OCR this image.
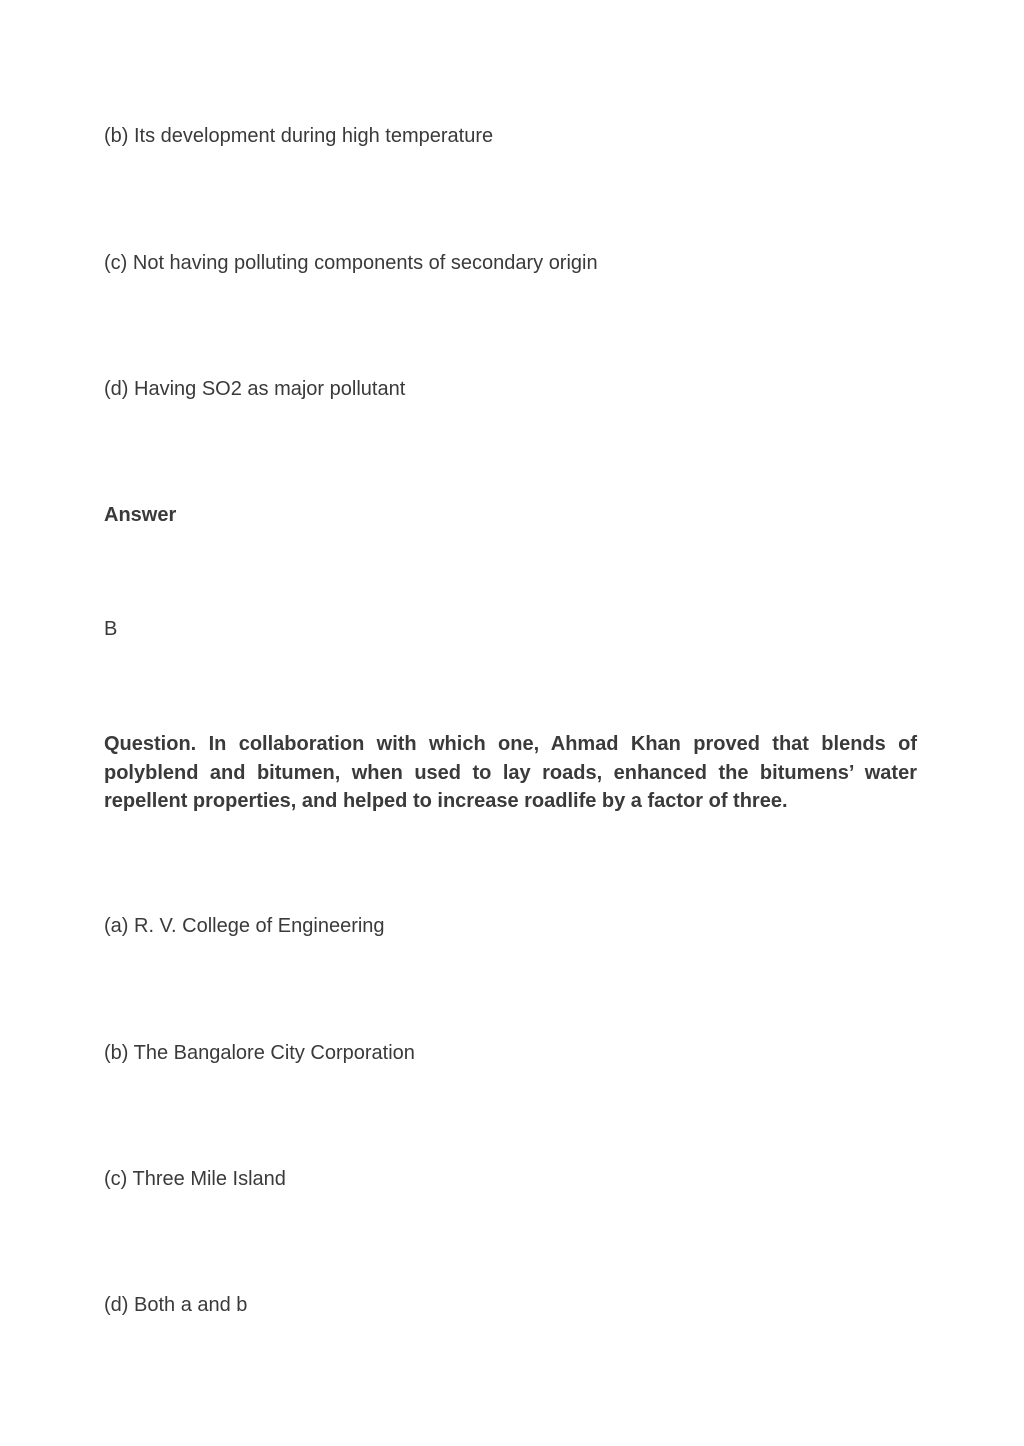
(b) Its development during high temperature
(c) Not having polluting components of secondary origin
(d) Having SO2 as major pollutant
Answer
B
Question. In collaboration with which one, Ahmad Khan proved that blends of polyblend and bitumen, when used to lay roads, enhanced the bitumens’ water repellent properties, and helped to increase roadlife by a factor of three.
(a) R. V. College of Engineering
(b) The Bangalore City Corporation
(c) Three Mile Island
(d) Both a and b
